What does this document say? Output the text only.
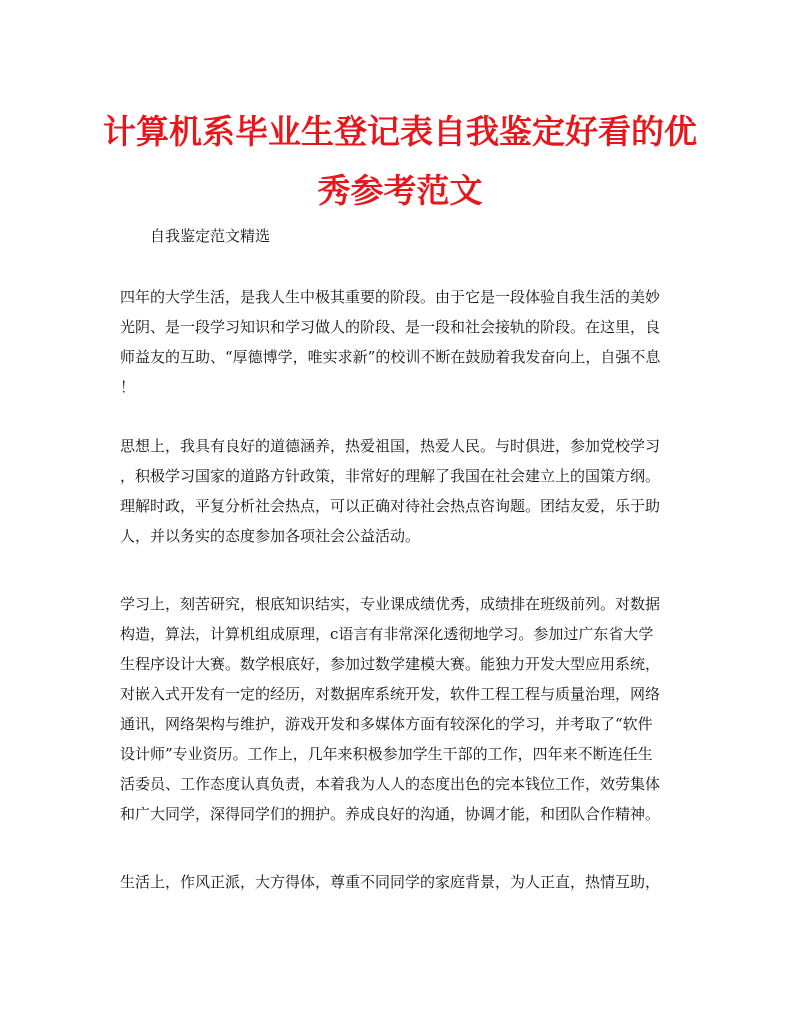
计算机系毕业生登记表自我鉴定好看的优
秀参考范文
自我鉴定范文精选
四年的大学生活，是我人生中极其重要的阶段。由于它是一段体验自我生活的美妙
光阴、是一段学习知识和学习做人的阶段、是一段和社会接轨的阶段。在这里，良
师益友的互助、“厚德博学，唯实求新”的校训不断在鼓励着我发奋向上，自强不息
！
思想上，我具有良好的道德涵养，热爱祖国，热爱人民。与时俱进，参加党校学习
，积极学习国家的道路方针政策，非常好的理解了我国在社会建立上的国策方纲。
理解时政，平复分析社会热点，可以正确对待社会热点咨询题。团结友爱，乐于助
人，并以务实的态度参加各项社会公益活动。
学习上，刻苦研究，根底知识结实，专业课成绩优秀，成绩排在班级前列。对数据
构造，算法，计算机组成原理，c语言有非常深化透彻地学习。参加过广东省大学
生程序设计大赛。数学根底好，参加过数学建模大赛。能独力开发大型应用系统，
对嵌入式开发有一定的经历，对数据库系统开发，软件工程工程与质量治理，网络
通讯，网络架构与维护，游戏开发和多媒体方面有较深化的学习，并考取了“软件
设计师”专业资历。工作上，几年来积极参加学生干部的工作，四年来不断连任生
活委员、工作态度认真负责，本着我为人人的态度出色的完本钱位工作，效劳集体
和广大同学，深得同学们的拥护。养成良好的沟通，协调才能，和团队合作精神。
生活上，作风正派，大方得体，尊重不同同学的家庭背景，为人正直，热情互助，
